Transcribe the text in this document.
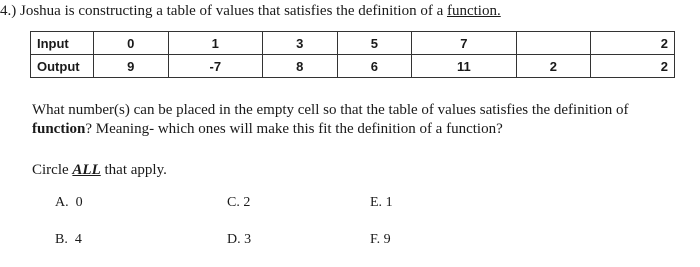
4.) Joshua is constructing a table of values that satisfies the definition of a function.
Input	0	1	3	5	7		2
Output	9	-7	8	6	11	2	2
What number(s) can be placed in the empty cell so that the table of values satisfies the definition of
function? Meaning- which ones will make this fit the definition of a function?
Circle ALL that apply.
A. 0
B. 4
C. 2
D. 3
E. 1
F. 9
